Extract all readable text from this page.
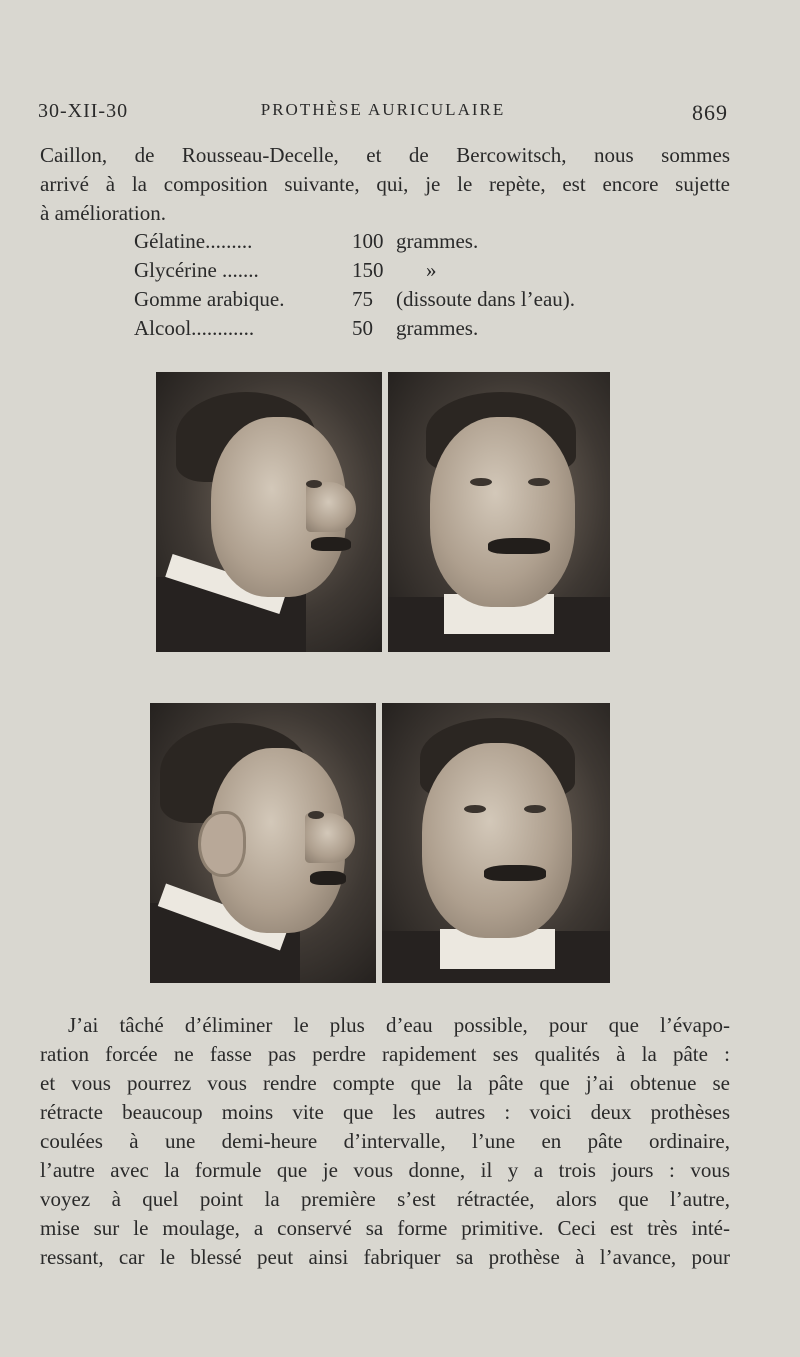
30-XII-30	PROTHÈSE AURICULAIRE	869
Caillon, de Rousseau-Decelle, et de Bercowitsch, nous sommes
arrivé à la composition suivante, qui, je le repète, est encore sujette
à amélioration.
Gélatine.........	100 grammes.
Glycérine .......	150 »
Gomme arabique.	75 (dissoute dans l’eau).
Alcool............	50 grammes.
J’ai tâché d’éliminer le plus d’eau possible, pour que l’évapo-
ration forcée ne fasse pas perdre rapidement ses qualités à la pâte :
et vous pourrez vous rendre compte que la pâte que j’ai obtenue se
rétracte beaucoup moins vite que les autres : voici deux prothèses
coulées à une demi-heure d’intervalle, l’une en pâte ordinaire,
l’autre avec la formule que je vous donne, il y a trois jours : vous
voyez à quel point la première s’est rétractée, alors que l’autre,
mise sur le moulage, a conservé sa forme primitive. Ceci est très inté-
ressant, car le blessé peut ainsi fabriquer sa prothèse à l’avance, pour
